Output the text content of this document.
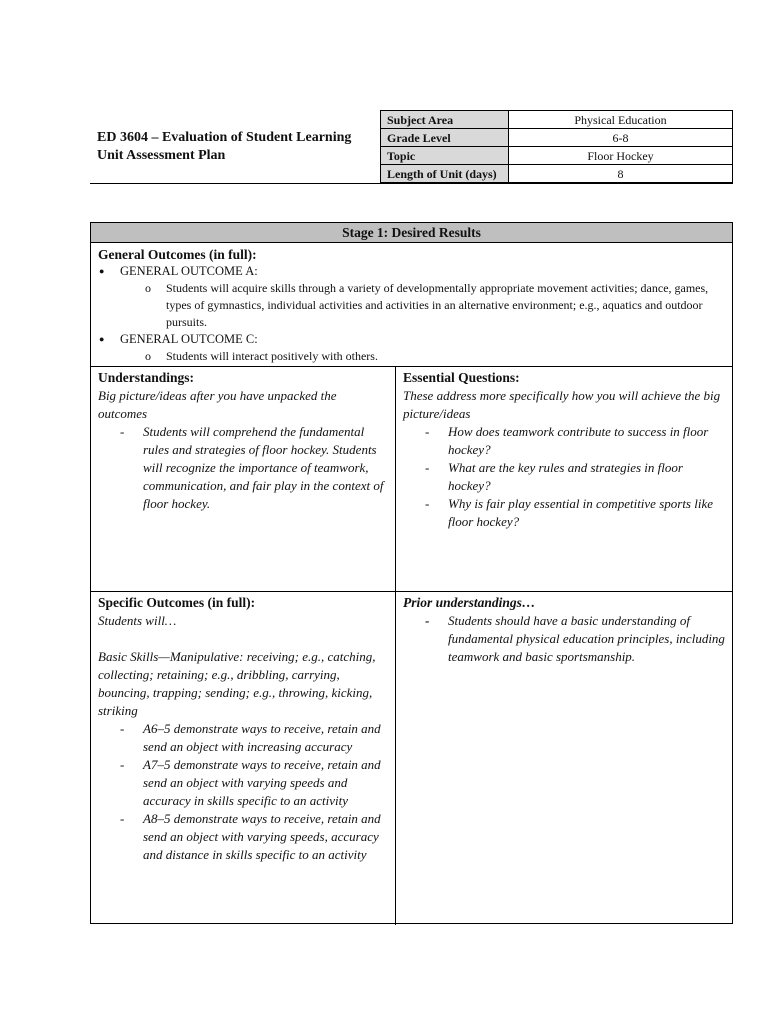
ED 3604 – Evaluation of Student Learning
Unit Assessment Plan
Subject Area	Physical Education
Grade Level	6-8
Topic	Floor Hockey
Length of Unit (days)	8
Stage 1: Desired Results
General Outcomes (in full):
● GENERAL OUTCOME A:
o Students will acquire skills through a variety of developmentally appropriate movement activities; dance, games, types of gymnastics, individual activities and activities in an alternative environment; e.g., aquatics and outdoor pursuits.
● GENERAL OUTCOME C:
o Students will interact positively with others.
Understandings:
Big picture/ideas after you have unpacked the outcomes
- Students will comprehend the fundamental rules and strategies of floor hockey. Students will recognize the importance of teamwork, communication, and fair play in the context of floor hockey.
Essential Questions:
These address more specifically how you will achieve the big picture/ideas
- How does teamwork contribute to success in floor hockey?
- What are the key rules and strategies in floor hockey?
- Why is fair play essential in competitive sports like floor hockey?
Specific Outcomes (in full):
Students will…
Basic Skills—Manipulative: receiving; e.g., catching, collecting; retaining; e.g., dribbling, carrying, bouncing, trapping; sending; e.g., throwing, kicking, striking
- A6–5 demonstrate ways to receive, retain and send an object with increasing accuracy
- A7–5 demonstrate ways to receive, retain and send an object with varying speeds and accuracy in skills specific to an activity
- A8–5 demonstrate ways to receive, retain and send an object with varying speeds, accuracy and distance in skills specific to an activity
Prior understandings…
- Students should have a basic understanding of fundamental physical education principles, including teamwork and basic sportsmanship.
